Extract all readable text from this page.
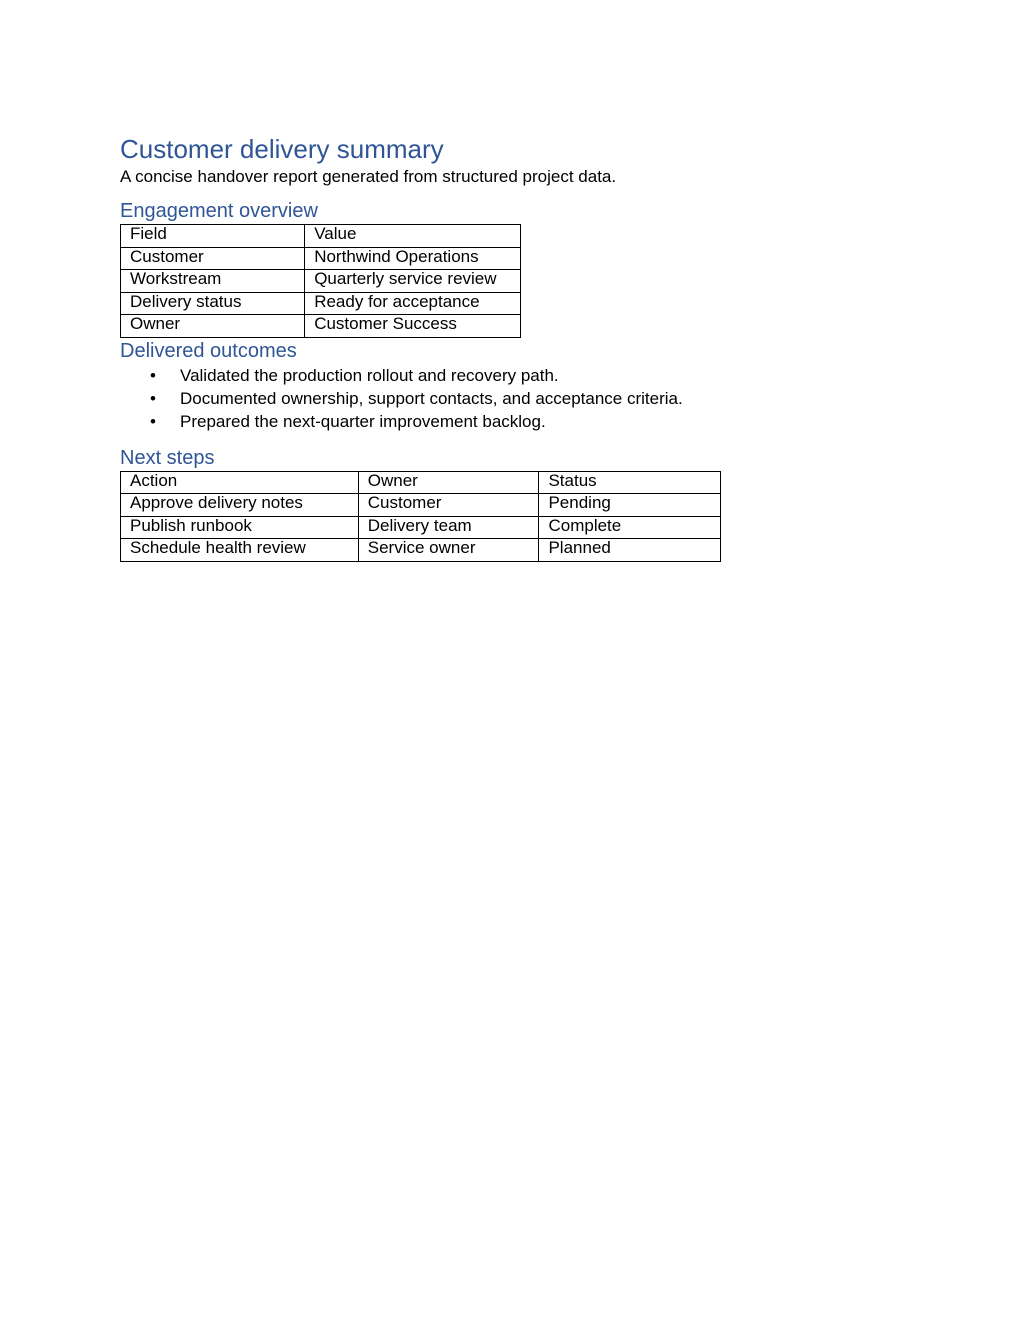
Customer delivery summary

A concise handover report generated from structured project data.

Engagement overview
Field	Value
Customer	Northwind Operations
Workstream	Quarterly service review
Delivery status	Ready for acceptance
Owner	Customer Success
Delivered outcomes
• Validated the production rollout and recovery path.
• Documented ownership, support contacts, and acceptance criteria.
• Prepared the next-quarter improvement backlog.
Next steps
Action	Owner	Status
Approve delivery notes	Customer	Pending
Publish runbook	Delivery team	Complete
Schedule health review	Service owner	Planned
